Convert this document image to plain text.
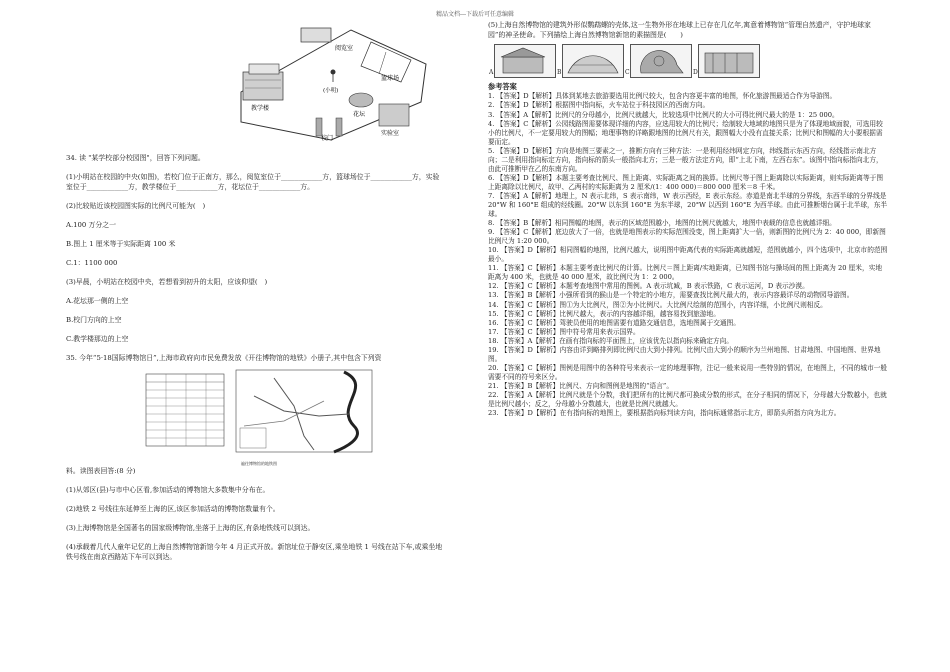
精品文档---下载后可任意编辑
阅览室
篮球场
(小明)
教学楼
花坛
校门
实验室

34. 读 "某学校部分校园图"，回答下列问题。

(1)小明站在校园的中央(如图)，若校门位于正南方，那么，阅览室位于____________方，篮球场位于____________方，实验室位于____________方，教学楼位于____________方，花坛位于____________方。

(2)比较贴近该校园图实际的比例尺可能为(　)

A.100 万分之一

B.图上 1 厘米等于实际距离 100 米

C.1：1100 000

(3)早晨，小明站在校园中央，若想看到初升的太阳，应该仰望(　)

A.花坛那一侧的上空

B.校门方向的上空

C.教学楼那边的上空

35. 今年“5·18国际博物馆日”,上海市政府向市民免费发放《开往博物馆的地铁》小册子,其中包含下列资

遍往博物馆的地铁图

料。读图表回答:(8 分)

(1)从郊区(县)与市中心区看,参加活动的博物馆大多数集中分布在。

(2)地铁 2 号线往东延伸至上海的区,该区参加活动的博物馆数量有个。

(3)上海博物馆是全国著名的国家级博物馆,坐落于上海的区,有条地铁线可以到达。

(4)承载着几代人童年记忆的上海自然博物馆新馆今年 4 月正式开放。新馆址位于静安区,乘坐地铁 1 号线在站下车,或乘坐地铁号线在南京西路站下车可以到达。

(5)上海自然博物馆的建筑外形似鹦鹉螺的壳体,这一生物外形在地球上已存在几亿年,寓意着博物馆“管理自然遗产，守护地球家园”的神圣使命。下列描绘上海自然博物馆新馆的素描图是(　　)

A	B	C	D

参考答案

1. 【答案】D【解析】具体到某地去旅游要选用比例尺较大，包含内容更丰富的地图，怀化旅游图最适合作为导游图。

2. 【答案】D【解析】根据图中指向标，火车站位于科技园区的西南方向。

3. 【答案】A【解析】比例尺的分母越小，比例尺就越大，比较选项中比例尺的大小可得比例尺最大的是 1：25 000。

4. 【答案】C【解析】公园线路图需要体现详细的内容，应选用较大的比例尺；绘制较大地域的地图只是为了体现地域面貌，可选用较小的比例尺，不一定要用较大的图幅；地理事物的详略跟地图的比例尺有关，跟图幅大小没有直接关系；比例尺和图幅的大小要根据需要而定。

5. 【答案】D【解析】方向是地图三要素之一，推断方向有三种方法：一是利用经纬网定方向，纬线指示东西方向，经线指示南北方向；二是利用指向标定方向，指向标的箭头一般指向北方；三是一般方法定方向，即“上北下南，左西右东”。该图中指向标指向北方，由此可推断甲在乙的东南方向。

6. 【答案】D【解析】本题主要考查比例尺、图上距离、实际距离之间的换算。比例尺等于图上距离除以实际距离，则实际距离等于图上距离除以比例尺，故甲、乙两村的实际距离为 2 厘米/(1：400 000)＝800 000 厘米＝8 千米。

7. 【答案】A【解析】地理上，N 表示北纬，S 表示南纬，W 表示西经，E 表示东经。赤道是南北半球的分界线，东西半球的分界线是 20°W 和 160°E 组成的经线圈。20°W 以东到 160°E 为东半球，20°W 以西到 160°E 为西半球。由此可推断烟台属于北半球，东半球。

8. 【答案】B【解析】相同图幅的地图，表示的区域范围越小，地图的比例尺就越大，地图中表载的信息也就越详细。

9. 【答案】C【解析】底边放大了一倍，也就是地图表示的实际范围没变，图上距离扩大一倍，则新图的比例尺为 2：40 000，即新图比例尺为 1:20 000。

10. 【答案】D【解析】相同图幅的地图，比例尺越大，说明图中距离代表的实际距离就越短，范围就越小，四个选项中，北京市的范围最小。

11. 【答案】C【解析】本题主要考查比例尺的计算。比例尺＝图上距离/实地距离，已知图书馆与操场间的图上距离为 20 厘米，实地距离为 400 米，也就是 40 000 厘米，故比例尺为 1：2 000。

12. 【答案】C【解析】本题考查地图中常用的图例。A 表示坑臧，B 表示铁路，C 表示运河，D 表示沙漠。

13. 【答案】B【解析】小强所看到的猴山是一个特定的小地方，需要查找比例尺最大的，表示内容最详尽的动物园导游图。

14. 【答案】C【解析】图①为大比例尺，图②为小比例尺。大比例尺绘制的范围小，内容详细，小比例尺则相反。

15. 【答案】C【解析】比例尺越大，表示的内容越详细，越容易找到旅游地。

16. 【答案】C【解析】驾驶员使用的地图需要有道路交通信息，选地图属于交通图。

17. 【答案】C【解析】图中符号常用来表示国界。

18. 【答案】A【解析】在画有指向标的平面图上，应该优先以指向标来确定方向。

19. 【答案】D【解析】内容由详到略排列即比例尺由大到小排列。比例尺由大到小的顺序为兰州地图、甘肃地图、中国地图、世界地图。

20. 【答案】C【解析】图例是用图中的各种符号来表示一定的地理事物，注记一般来说用一些特别的情况，在地图上，不同的城市一般需要不同的符号来区分。

21. 【答案】B【解析】比例尺、方向和图例是地图的“语言”。

22. 【答案】A【解析】比例尺就是个分数，我们把所有的比例尺都可换成分数的形式，在分子相同的情况下，分母越大分数越小，也就是比例尺越小；反之，分母越小分数越大，也就是比例尺就越大。

23. 【答案】D【解析】在有指向标的地图上，要根据指向标判读方向，指向标通常指示北方，即箭头所指方向为北方。
